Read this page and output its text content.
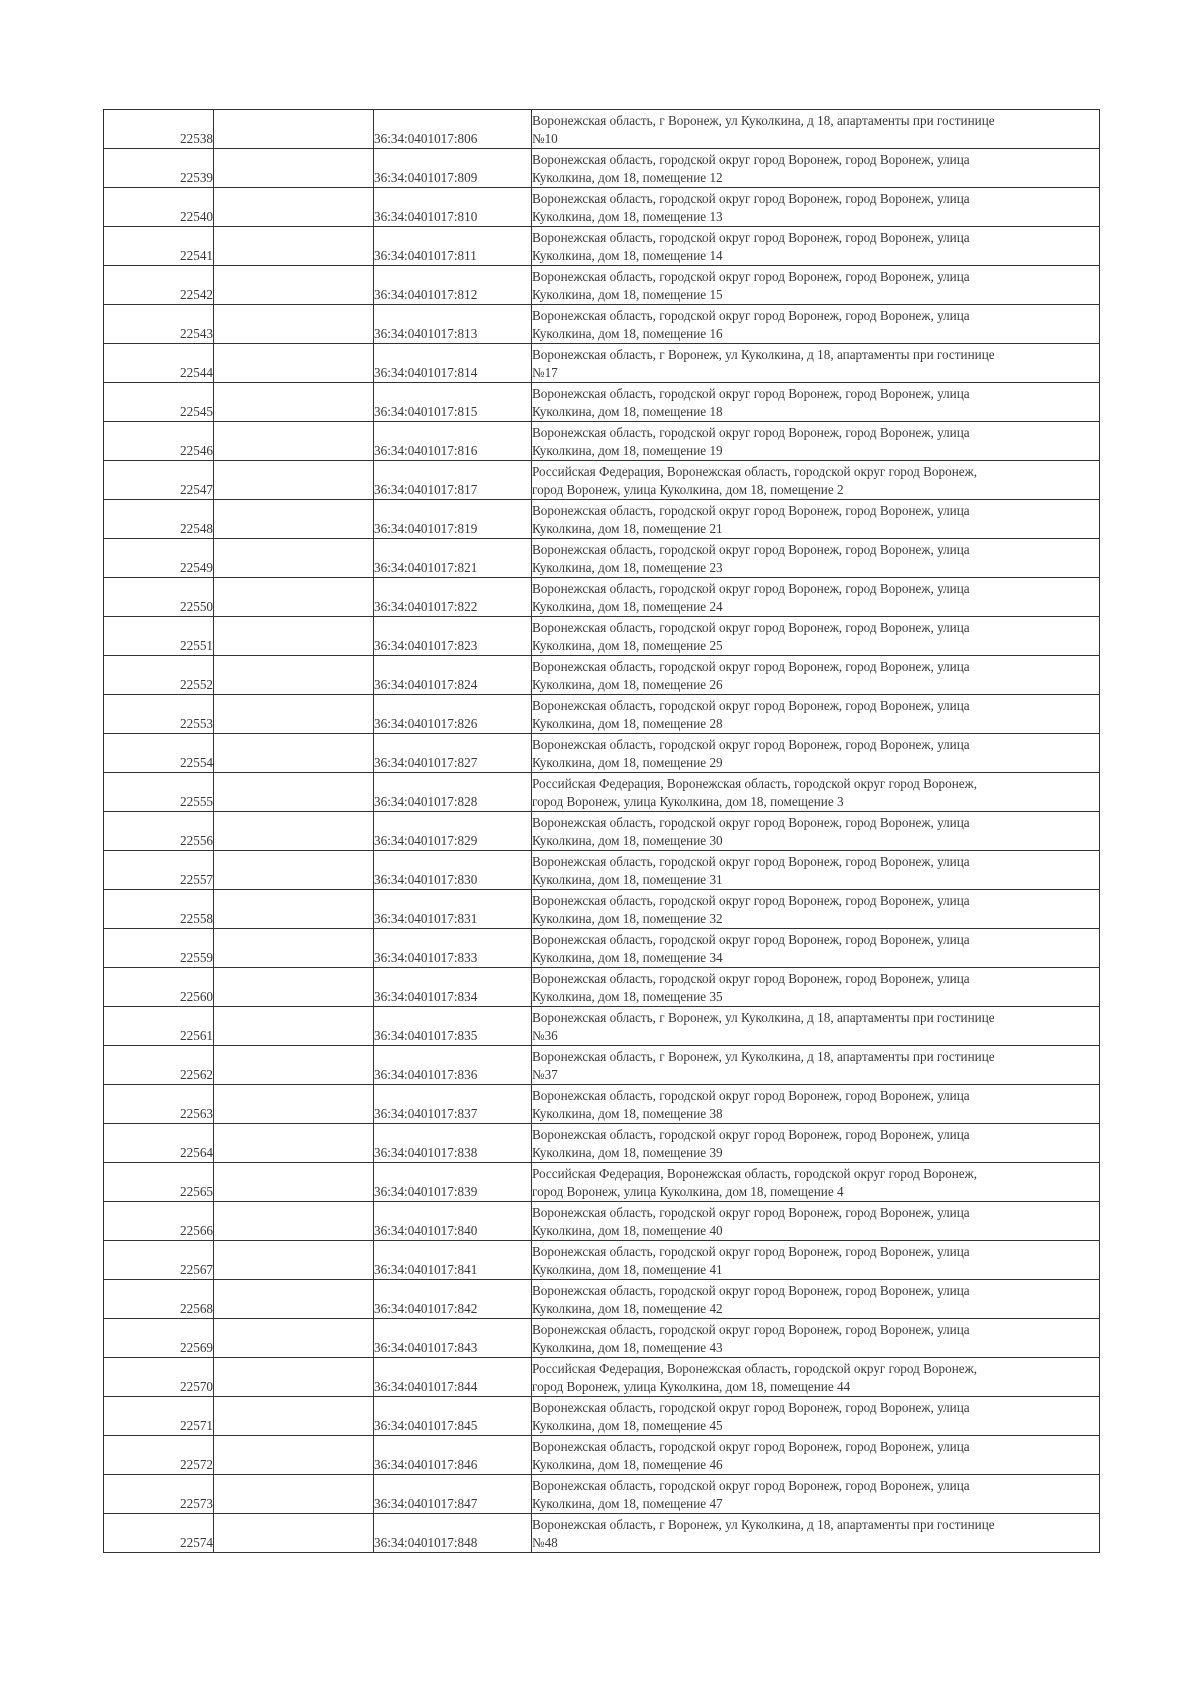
22538		36:34:0401017:806	Воронежская область, г Воронеж, ул Куколкина, д 18, апартаменты при гостинице
№10
22539		36:34:0401017:809	Воронежская область, городской округ город Воронеж, город Воронеж, улица
Куколкина, дом 18, помещение 12
22540		36:34:0401017:810	Воронежская область, городской округ город Воронеж, город Воронеж, улица
Куколкина, дом 18, помещение 13
22541		36:34:0401017:811	Воронежская область, городской округ город Воронеж, город Воронеж, улица
Куколкина, дом 18, помещение 14
22542		36:34:0401017:812	Воронежская область, городской округ город Воронеж, город Воронеж, улица
Куколкина, дом 18, помещение 15
22543		36:34:0401017:813	Воронежская область, городской округ город Воронеж, город Воронеж, улица
Куколкина, дом 18, помещение 16
22544		36:34:0401017:814	Воронежская область, г Воронеж, ул Куколкина, д 18, апартаменты при гостинице
№17
22545		36:34:0401017:815	Воронежская область, городской округ город Воронеж, город Воронеж, улица
Куколкина, дом 18, помещение 18
22546		36:34:0401017:816	Воронежская область, городской округ город Воронеж, город Воронеж, улица
Куколкина, дом 18, помещение 19
22547		36:34:0401017:817	Российская Федерация, Воронежская область, городской округ город Воронеж,
город Воронеж, улица Куколкина, дом 18, помещение 2
22548		36:34:0401017:819	Воронежская область, городской округ город Воронеж, город Воронеж, улица
Куколкина, дом 18, помещение 21
22549		36:34:0401017:821	Воронежская область, городской округ город Воронеж, город Воронеж, улица
Куколкина, дом 18, помещение 23
22550		36:34:0401017:822	Воронежская область, городской округ город Воронеж, город Воронеж, улица
Куколкина, дом 18, помещение 24
22551		36:34:0401017:823	Воронежская область, городской округ город Воронеж, город Воронеж, улица
Куколкина, дом 18, помещение 25
22552		36:34:0401017:824	Воронежская область, городской округ город Воронеж, город Воронеж, улица
Куколкина, дом 18, помещение 26
22553		36:34:0401017:826	Воронежская область, городской округ город Воронеж, город Воронеж, улица
Куколкина, дом 18, помещение 28
22554		36:34:0401017:827	Воронежская область, городской округ город Воронеж, город Воронеж, улица
Куколкина, дом 18, помещение 29
22555		36:34:0401017:828	Российская Федерация, Воронежская область, городской округ город Воронеж,
город Воронеж, улица Куколкина, дом 18, помещение 3
22556		36:34:0401017:829	Воронежская область, городской округ город Воронеж, город Воронеж, улица
Куколкина, дом 18, помещение 30
22557		36:34:0401017:830	Воронежская область, городской округ город Воронеж, город Воронеж, улица
Куколкина, дом 18, помещение 31
22558		36:34:0401017:831	Воронежская область, городской округ город Воронеж, город Воронеж, улица
Куколкина, дом 18, помещение 32
22559		36:34:0401017:833	Воронежская область, городской округ город Воронеж, город Воронеж, улица
Куколкина, дом 18, помещение 34
22560		36:34:0401017:834	Воронежская область, городской округ город Воронеж, город Воронеж, улица
Куколкина, дом 18, помещение 35
22561		36:34:0401017:835	Воронежская область, г Воронеж, ул Куколкина, д 18, апартаменты при гостинице
№36
22562		36:34:0401017:836	Воронежская область, г Воронеж, ул Куколкина, д 18, апартаменты при гостинице
№37
22563		36:34:0401017:837	Воронежская область, городской округ город Воронеж, город Воронеж, улица
Куколкина, дом 18, помещение 38
22564		36:34:0401017:838	Воронежская область, городской округ город Воронеж, город Воронеж, улица
Куколкина, дом 18, помещение 39
22565		36:34:0401017:839	Российская Федерация, Воронежская область, городской округ город Воронеж,
город Воронеж, улица Куколкина, дом 18, помещение 4
22566		36:34:0401017:840	Воронежская область, городской округ город Воронеж, город Воронеж, улица
Куколкина, дом 18, помещение 40
22567		36:34:0401017:841	Воронежская область, городской округ город Воронеж, город Воронеж, улица
Куколкина, дом 18, помещение 41
22568		36:34:0401017:842	Воронежская область, городской округ город Воронеж, город Воронеж, улица
Куколкина, дом 18, помещение 42
22569		36:34:0401017:843	Воронежская область, городской округ город Воронеж, город Воронеж, улица
Куколкина, дом 18, помещение 43
22570		36:34:0401017:844	Российская Федерация, Воронежская область, городской округ город Воронеж,
город Воронеж, улица Куколкина, дом 18, помещение 44
22571		36:34:0401017:845	Воронежская область, городской округ город Воронеж, город Воронеж, улица
Куколкина, дом 18, помещение 45
22572		36:34:0401017:846	Воронежская область, городской округ город Воронеж, город Воронеж, улица
Куколкина, дом 18, помещение 46
22573		36:34:0401017:847	Воронежская область, городской округ город Воронеж, город Воронеж, улица
Куколкина, дом 18, помещение 47
22574		36:34:0401017:848	Воронежская область, г Воронеж, ул Куколкина, д 18, апартаменты при гостинице
№48
